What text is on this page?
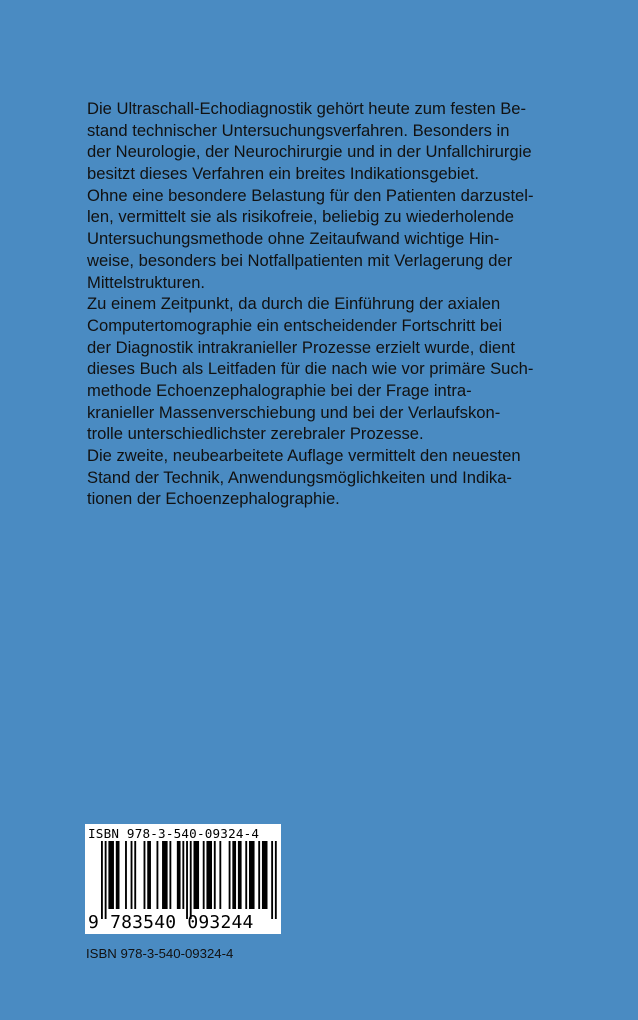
Die Ultraschall-Echodiagnostik gehört heute zum festen Be-
stand technischer Untersuchungsverfahren. Besonders in
der Neurologie, der Neurochirurgie und in der Unfallchirurgie
besitzt dieses Verfahren ein breites Indikationsgebiet.
Ohne eine besondere Belastung für den Patienten darzustel-
len, vermittelt sie als risikofreie, beliebig zu wiederholende
Untersuchungsmethode ohne Zeitaufwand wichtige Hin-
weise, besonders bei Notfallpatienten mit Verlagerung der
Mittelstrukturen.
Zu einem Zeitpunkt, da durch die Einführung der axialen
Computertomographie ein entscheidender Fortschritt bei
der Diagnostik intrakranieller Prozesse erzielt wurde, dient
dieses Buch als Leitfaden für die nach wie vor primäre Such-
methode Echoenzephalographie bei der Frage intra-
kranieller Massenverschiebung und bei der Verlaufskon-
trolle unterschiedlichster zerebraler Prozesse.
Die zweite, neubearbeitete Auflage vermittelt den neuesten
Stand der Technik, Anwendungsmöglichkeiten und Indika-
tionen der Echoenzephalographie.
ISBN 978-3-540-09324-4
9 783540 093244
ISBN 978-3-540-09324-4
